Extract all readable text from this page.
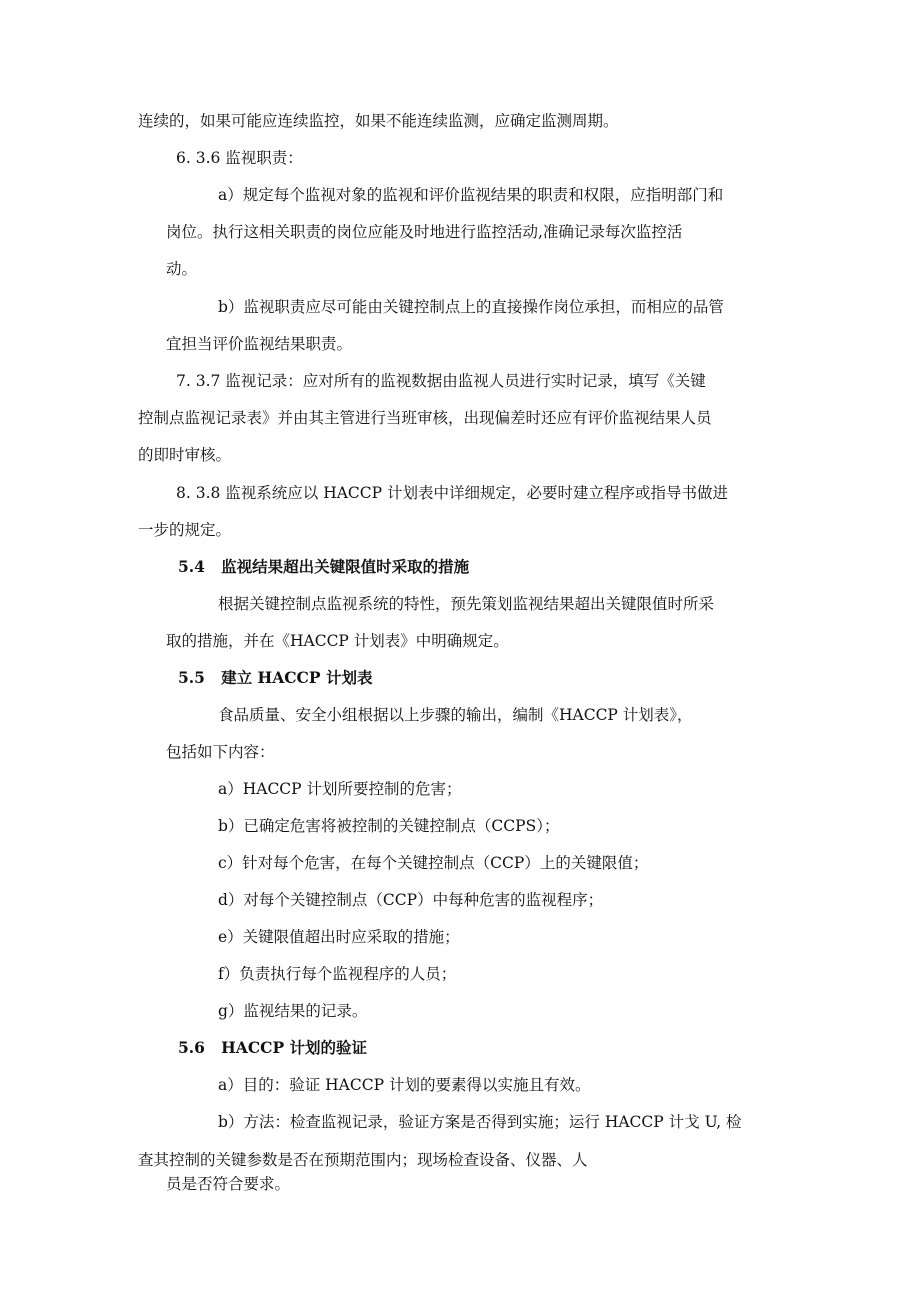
连续的，如果可能应连续监控，如果不能连续监测，应确定监测周期。
6. 3.6 监视职责：
a）规定每个监视对象的监视和评价监视结果的职责和权限，应指明部门和
岗位。执行这相关职责的岗位应能及时地进行监控活动,准确记录每次监控活
动。
b）监视职责应尽可能由关键控制点上的直接操作岗位承担，而相应的品管
宜担当评价监视结果职责。
7. 3.7 监视记录：应对所有的监视数据由监视人员进行实时记录，填写《关键
控制点监视记录表》并由其主管进行当班审核，出现偏差时还应有评价监视结果人员
的即时审核。
8. 3.8 监视系统应以 HACCP 计划表中详细规定，必要时建立程序或指导书做进
一步的规定。
5.4   监视结果超出关键限值时采取的措施
根据关键控制点监视系统的特性，预先策划监视结果超出关键限值时所采
取的措施，并在《HACCP 计划表》中明确规定。
5.5   建立 HACCP 计划表
食品质量、安全小组根据以上步骤的输出，编制《HACCP 计划表》，
包括如下内容：
a）HACCP 计划所要控制的危害；
b）已确定危害将被控制的关键控制点（CCPS）；
c）针对每个危害，在每个关键控制点（CCP）上的关键限值；
d）对每个关键控制点（CCP）中每种危害的监视程序；
e）关键限值超出时应采取的措施；
f）负责执行每个监视程序的人员；
g）监视结果的记录。
5.6   HACCP 计划的验证
a）目的：验证 HACCP 计划的要素得以实施且有效。
b）方法：检查监视记录，验证方案是否得到实施；运行 HACCP 计戈 U, 检
查其控制的关键参数是否在预期范围内；现场检查设备、仪器、人
员是否符合要求。
